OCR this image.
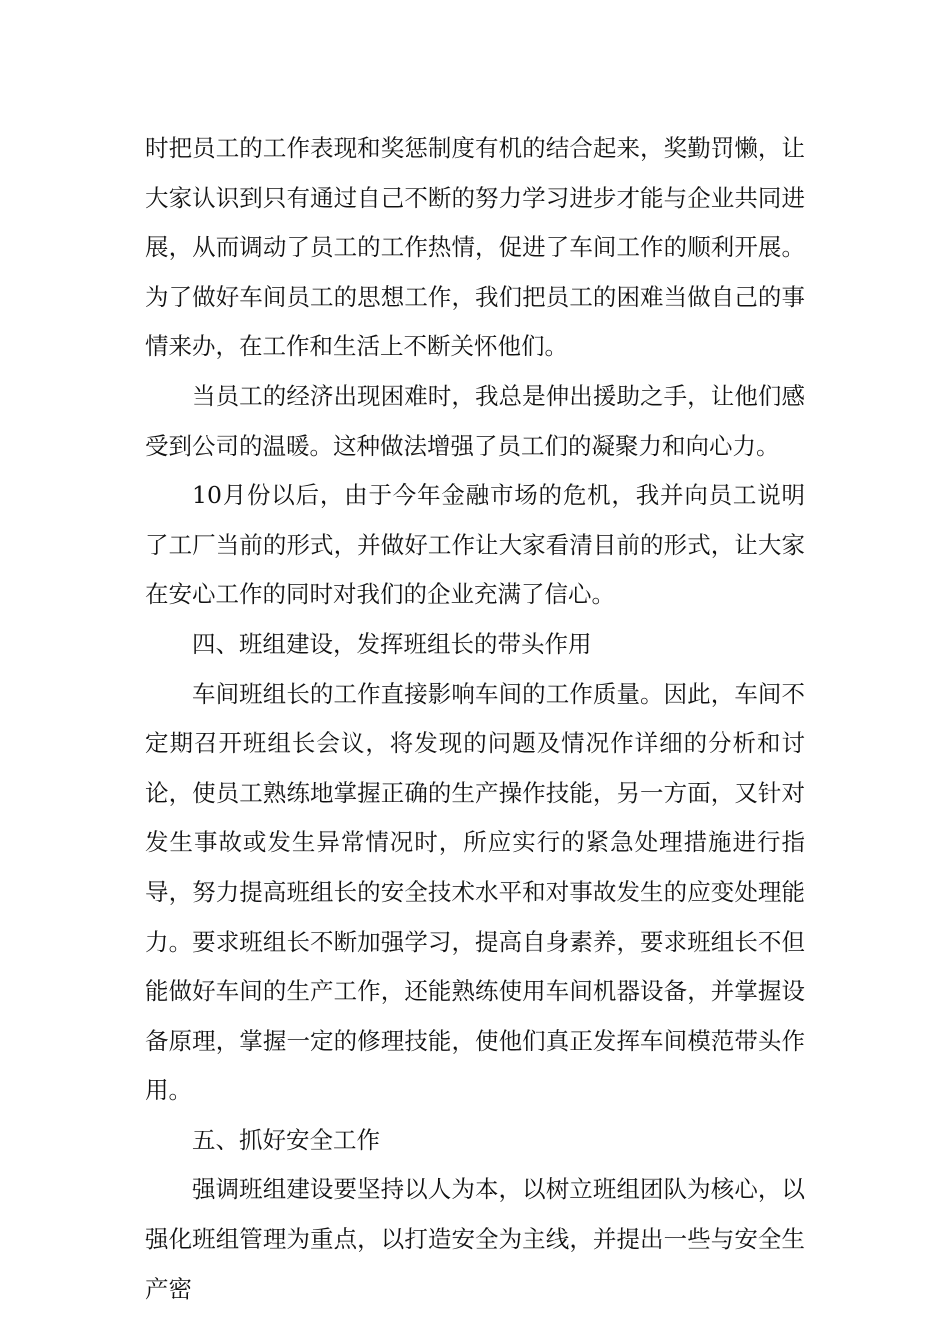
时把员工的工作表现和奖惩制度有机的结合起来，奖勤罚懒，让大家认识到只有通过自己不断的努力学习进步才能与企业共同进展，从而调动了员工的工作热情，促进了车间工作的顺利开展。为了做好车间员工的思想工作，我们把员工的困难当做自己的事情来办，在工作和生活上不断关怀他们。

当员工的经济出现困难时，我总是伸出援助之手，让他们感受到公司的温暖。这种做法增强了员工们的凝聚力和向心力。

10月份以后，由于今年金融市场的危机，我并向员工说明了工厂当前的形式，并做好工作让大家看清目前的形式，让大家在安心工作的同时对我们的企业充满了信心。

四、班组建设，发挥班组长的带头作用

车间班组长的工作直接影响车间的工作质量。因此，车间不定期召开班组长会议，将发现的问题及情况作详细的分析和讨论，使员工熟练地掌握正确的生产操作技能，另一方面，又针对发生事故或发生异常情况时，所应实行的紧急处理措施进行指导，努力提高班组长的安全技术水平和对事故发生的应变处理能力。要求班组长不断加强学习，提高自身素养，要求班组长不但能做好车间的生产工作，还能熟练使用车间机器设备，并掌握设备原理，掌握一定的修理技能，使他们真正发挥车间模范带头作用。

五、抓好安全工作

强调班组建设要坚持以人为本，以树立班组团队为核心，以强化班组管理为重点，以打造安全为主线，并提出一些与安全生产密
